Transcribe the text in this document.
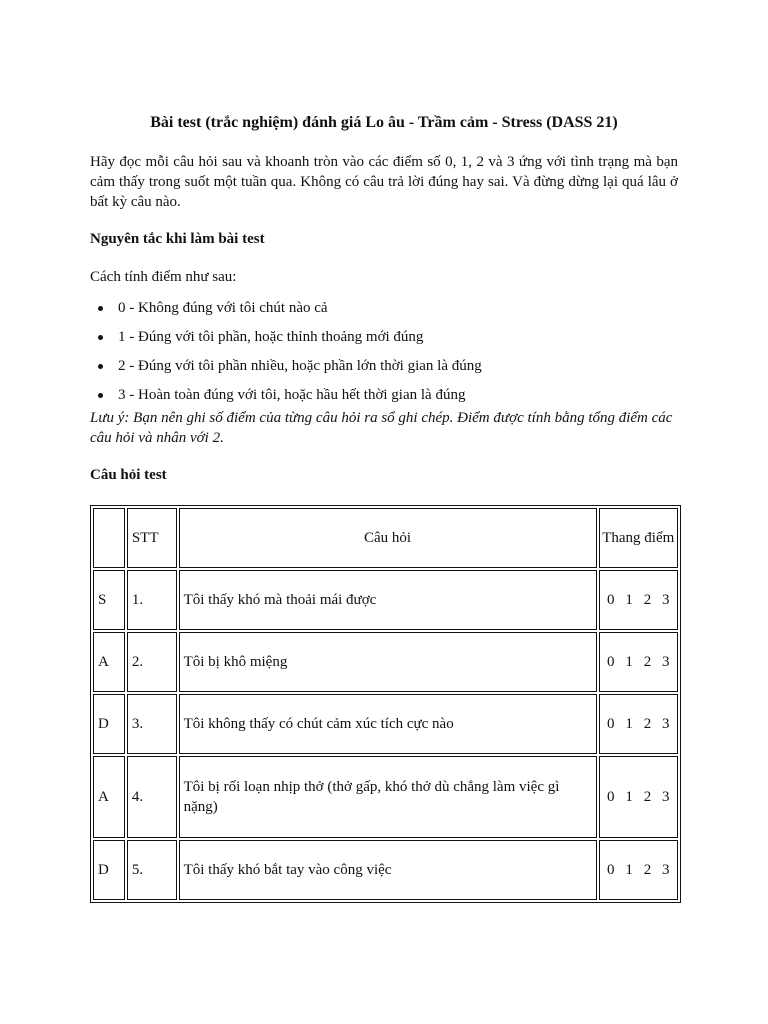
Bài test (trắc nghiệm) đánh giá Lo âu - Trầm cảm - Stress (DASS 21)

Hãy đọc mỗi câu hỏi sau và khoanh tròn vào các điểm số 0, 1, 2 và 3 ứng với tình trạng mà bạn cảm thấy trong suốt một tuần qua. Không có câu trả lời đúng hay sai. Và đừng dừng lại quá lâu ở bất kỳ câu nào.

Nguyên tắc khi làm bài test

Cách tính điểm như sau:

0 - Không đúng với tôi chút nào cả
1 - Đúng với tôi phần, hoặc thỉnh thoảng mới đúng
2 - Đúng với tôi phần nhiều, hoặc phần lớn thời gian là đúng
3 - Hoàn toàn đúng với tôi, hoặc hầu hết thời gian là đúng

Lưu ý: Bạn nên ghi số điểm của từng câu hỏi ra sổ ghi chép. Điểm được tính bằng tổng điểm các câu hỏi và nhân với 2.

Câu hỏi test
	STT	Câu hỏi	Thang điểm
S	1.	Tôi thấy khó mà thoải mái được	0 1 2 3

A	2.	Tôi bị khô miệng	0 1 2 3

D	3.	Tôi không thấy có chút cảm xúc tích cực nào	0 1 2 3

A	4.	Tôi bị rối loạn nhịp thở (thở gấp, khó thở dù chẳng làm việc gì nặng)	0 1 2 3

D	5.	Tôi thấy khó bắt tay vào công việc	0 1 2 3
